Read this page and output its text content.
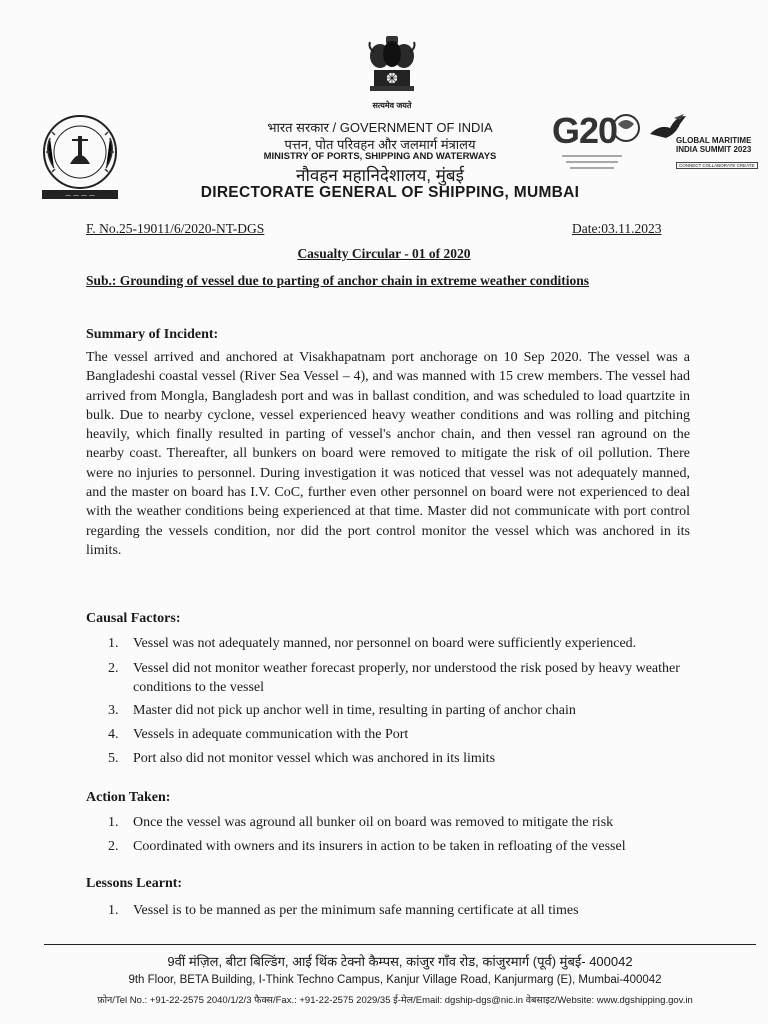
सत्यमेव जयते
— — — —
भारत सरकार / GOVERNMENT OF INDIA
पत्तन, पोत परिवहन और जलमार्ग मंत्रालय
MINISTRY OF PORTS, SHIPPING AND WATERWAYS
नौवहन महानिदेशालय, मुंबई
DIRECTORATE GENERAL OF SHIPPING, MUMBAI
G20	GLOBAL MARITIME
INDIA SUMMIT 2023
CONNECT COLLABORATE CREATE
F. No.25-19011/6/2020-NT-DGS	Date:03.11.2023
Casualty Circular - 01 of 2020
Sub.: Grounding of vessel due to parting of anchor chain in extreme weather conditions
Summary of Incident:
The vessel arrived and anchored at Visakhapatnam port anchorage on 10 Sep 2020. The vessel was a Bangladeshi coastal vessel (River Sea Vessel – 4), and was manned with 15 crew members. The vessel had arrived from Mongla, Bangladesh port and was in ballast condition, and was scheduled to load quartzite in bulk. Due to nearby cyclone, vessel experienced heavy weather conditions and was rolling and pitching heavily, which finally resulted in parting of vessel's anchor chain, and then vessel ran aground on the nearby coast. Thereafter, all bunkers on board were removed to mitigate the risk of oil pollution. There were no injuries to personnel. During investigation it was noticed that vessel was not adequately manned, and the master on board has I.V. CoC, further even other personnel on board were not experienced to deal with the weather conditions being experienced at that time. Master did not communicate with port control regarding the vessels condition, nor did the port control monitor the vessel which was anchored in its limits.
Causal Factors:
1.	Vessel was not adequately manned, nor personnel on board were sufficiently experienced.
2.	Vessel did not monitor weather forecast properly, nor understood the risk posed by heavy weather conditions to the vessel
3.	Master did not pick up anchor well in time, resulting in parting of anchor chain
4.	Vessels in adequate communication with the Port
5.	Port also did not monitor vessel which was anchored in its limits
Action Taken:
1.	Once the vessel was aground all bunker oil on board was removed to mitigate the risk
2.	Coordinated with owners and its insurers in action to be taken in refloating of the vessel
Lessons Learnt:
1.	Vessel is to be manned as per the minimum safe manning certificate at all times
9वीं मंज़िल, बीटा बिल्डिंग, आई थिंक टेक्नो कैम्पस, कांजुर गाँव रोड, कांजुरमार्ग (पूर्व) मुंबई- 400042
9th Floor, BETA Building, I-Think Techno Campus, Kanjur Village Road, Kanjurmarg (E), Mumbai-400042
फ़ोन/Tel No.: +91-22-2575 2040/1/2/3 फैक्स/Fax.: +91-22-2575 2029/35 ई-मेल/Email: dgship-dgs@nic.in वेबसाइट/Website: www.dgshipping.gov.in
